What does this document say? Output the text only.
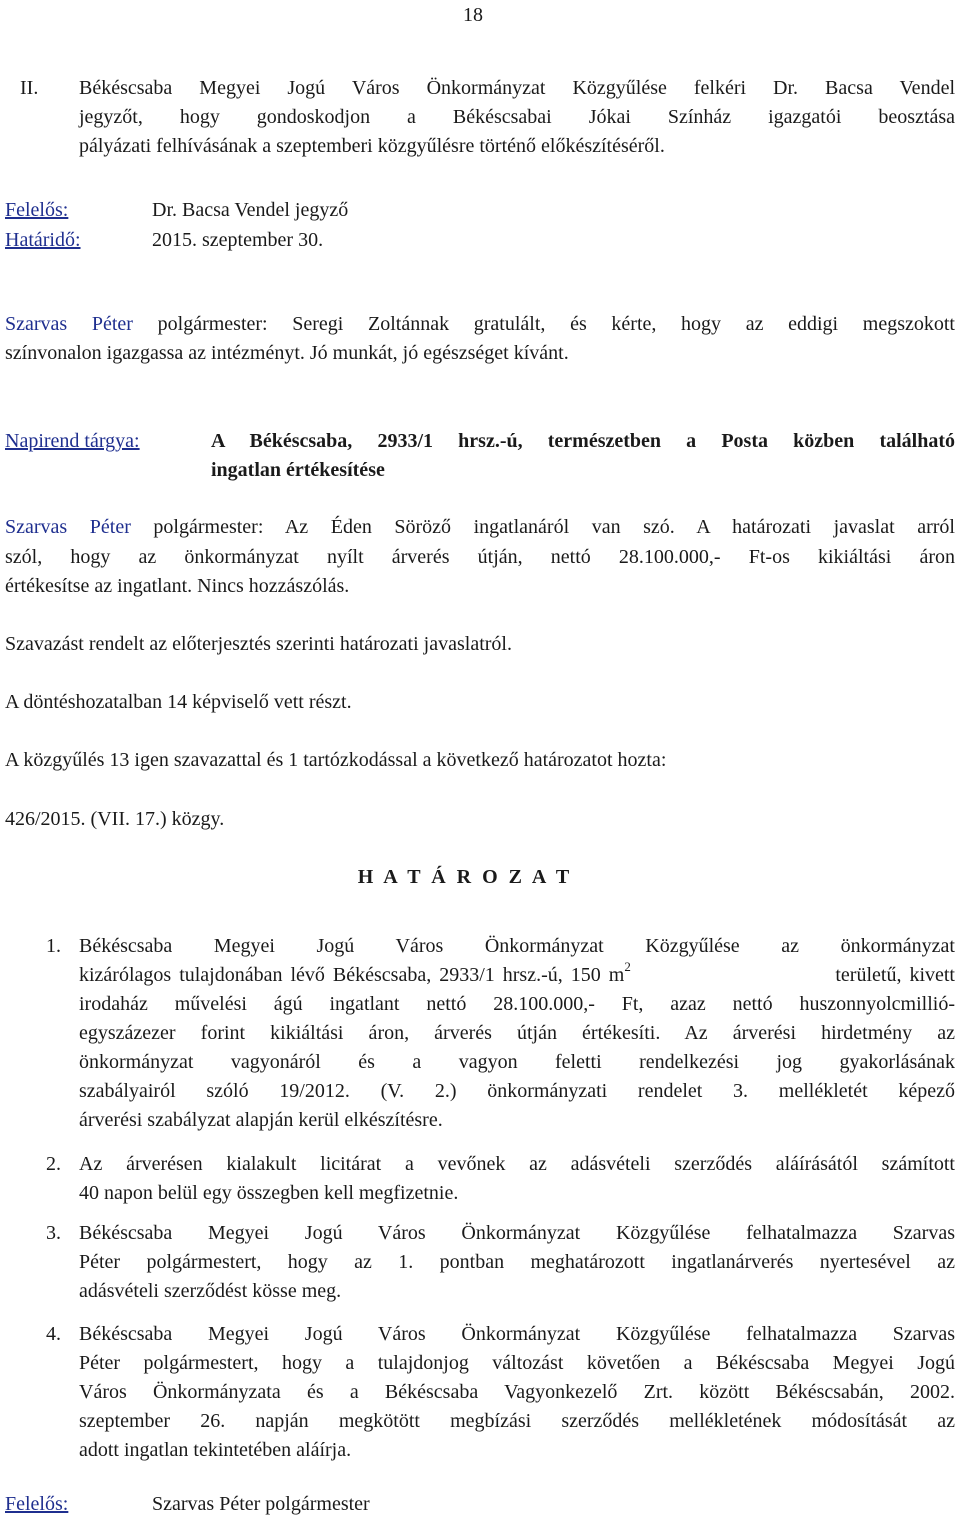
18
II. Békéscsaba Megyei Jogú Város Önkormányzat Közgyűlése felkéri Dr. Bacsa Vendel
jegyzőt, hogy gondoskodjon a Békéscsabai Jókai Színház igazgatói beosztása
pályázati felhívásának a szeptemberi közgyűlésre történő előkészítéséről.
Felelős:	Dr. Bacsa Vendel jegyző
Határidő:	2015. szeptember 30.
Szarvas Péter polgármester: Seregi Zoltánnak gratulált, és kérte, hogy az eddigi megszokott
színvonalon igazgassa az intézményt. Jó munkát, jó egészséget kívánt.
Napirend tárgya:	A Békéscsaba, 2933/1 hrsz.-ú, természetben a Posta közben található
ingatlan értékesítése
Szarvas Péter polgármester: Az Éden Söröző ingatlanáról van szó. A határozati javaslat arról
szól, hogy az önkormányzat nyílt árverés útján, nettó 28.100.000,- Ft-os kikiáltási áron
értékesítse az ingatlant. Nincs hozzászólás.
Szavazást rendelt az előterjesztés szerinti határozati javaslatról.
A döntéshozatalban 14 képviselő vett részt.
A közgyűlés 13 igen szavazattal és 1 tartózkodással a következő határozatot hozta:
426/2015. (VII. 17.) közgy.
H A T Á R O Z A T
1. Békéscsaba Megyei Jogú Város Önkormányzat Közgyűlése az önkormányzat
kizárólagos tulajdonában lévő Békéscsaba, 2933/1 hrsz.-ú, 150 m 2	területű, kivett
irodaház művelési ágú ingatlant nettó 28.100.000,- Ft, azaz nettó huszonnyolcmillió-
egyszázezer forint kikiáltási áron, árverés útján értékesíti. Az árverési hirdetmény az
önkormányzat vagyonáról és a vagyon feletti rendelkezési jog gyakorlásának
szabályairól szóló 19/2012. (V. 2.) önkormányzati rendelet 3. mellékletét képező
árverési szabályzat alapján kerül elkészítésre.
2. Az árverésen kialakult licitárat a vevőnek az adásvételi szerződés aláírásától számított
40 napon belül egy összegben kell megfizetnie.
3. Békéscsaba Megyei Jogú Város Önkormányzat Közgyűlése felhatalmazza Szarvas
Péter polgármestert, hogy az 1. pontban meghatározott ingatlanárverés nyertesével az
adásvételi szerződést kösse meg.
4. Békéscsaba Megyei Jogú Város Önkormányzat Közgyűlése felhatalmazza Szarvas
Péter polgármestert, hogy a tulajdonjog változást követően a Békéscsaba Megyei Jogú
Város Önkormányzata és a Békéscsaba Vagyonkezelő Zrt. között Békéscsabán, 2002.
szeptember 26. napján megkötött megbízási szerződés mellékletének módosítását az
adott ingatlan tekintetében aláírja.
Felelős:	Szarvas Péter polgármester
